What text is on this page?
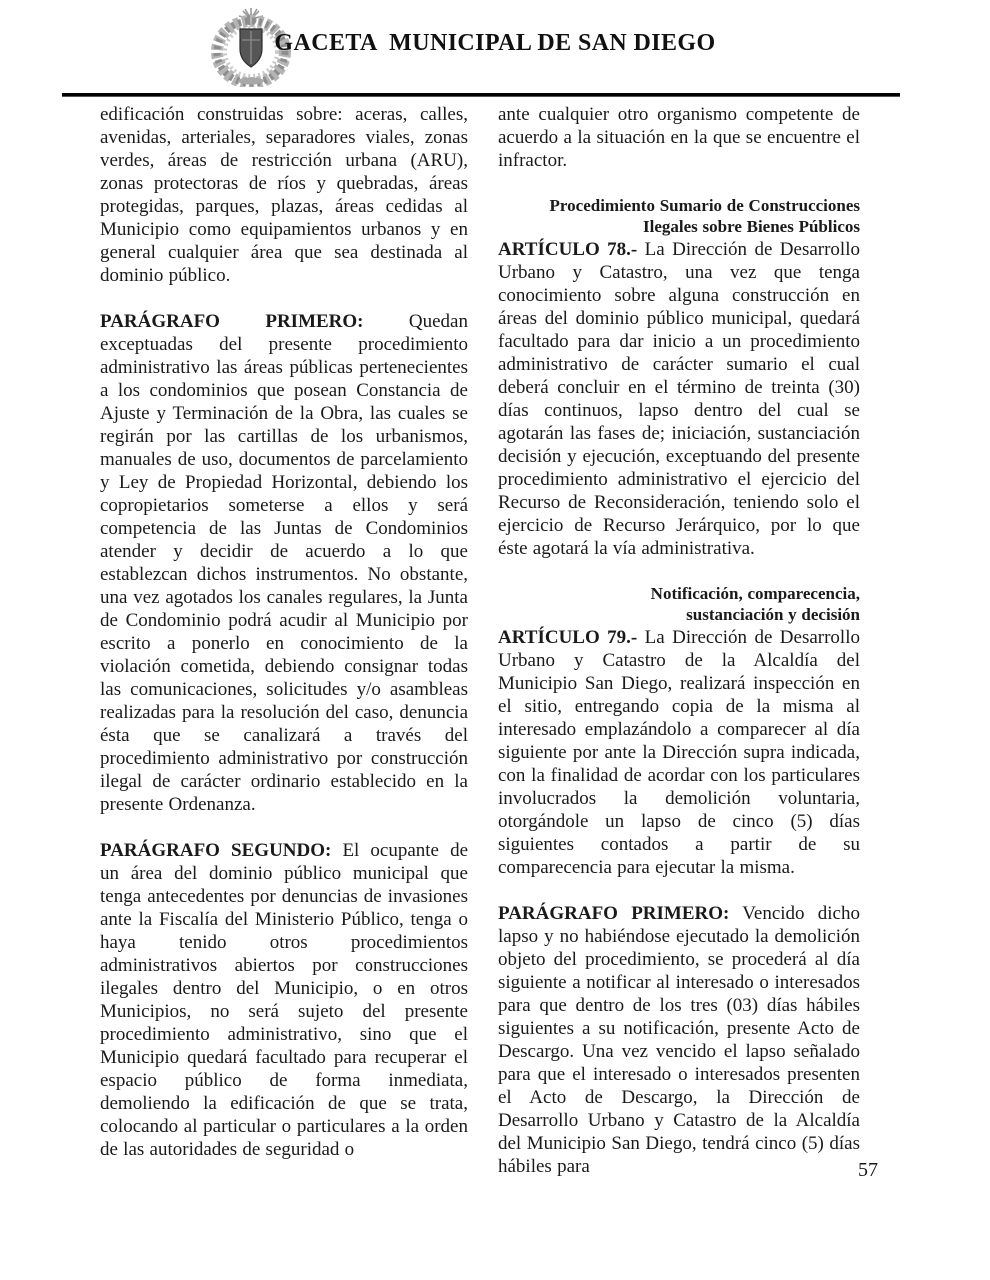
GACETA  MUNICIPAL DE SAN DIEGO

edificación construidas sobre: aceras, calles, avenidas, arteriales, separadores viales, zonas verdes, áreas de restricción urbana (ARU), zonas protectoras de ríos y quebradas, áreas protegidas, parques, plazas, áreas cedidas al Municipio como equipamientos urbanos y en general cualquier área que sea destinada al dominio público.

PARÁGRAFO PRIMERO: Quedan exceptuadas del presente procedimiento administrativo las áreas públicas pertenecientes a los condominios que posean Constancia de Ajuste y Terminación de la Obra, las cuales se regirán por las cartillas de los urbanismos, manuales de uso, documentos de parcelamiento y Ley de Propiedad Horizontal, debiendo los copropietarios someterse a ellos y será competencia de las Juntas de Condominios atender y decidir de acuerdo a lo que establezcan dichos instrumentos. No obstante, una vez agotados los canales regulares, la Junta de Condominio podrá acudir al Municipio por escrito a ponerlo en conocimiento de la violación cometida, debiendo consignar todas las comunicaciones, solicitudes y/o asambleas realizadas para la resolución del caso, denuncia ésta que se canalizará a través del procedimiento administrativo por construcción ilegal de carácter ordinario establecido en la presente Ordenanza.

PARÁGRAFO SEGUNDO: El ocupante de un área del dominio público municipal que tenga antecedentes por denuncias de invasiones ante la Fiscalía del Ministerio Público, tenga o haya tenido otros procedimientos administrativos abiertos por construcciones ilegales dentro del Municipio, o en otros Municipios, no será sujeto del presente procedimiento administrativo, sino que el Municipio quedará facultado para recuperar el espacio público de forma inmediata, demoliendo la edificación de que se trata, colocando al particular o particulares a la orden de las autoridades de seguridad o

ante cualquier otro organismo competente de acuerdo a la situación en la que se encuentre el infractor.

Procedimiento Sumario de Construcciones
Ilegales sobre Bienes Públicos

ARTÍCULO 78.- La Dirección de Desarrollo Urbano y Catastro, una vez que tenga conocimiento sobre alguna construcción en áreas del dominio público municipal, quedará facultado para dar inicio a un procedimiento administrativo de carácter sumario el cual deberá concluir en el término de treinta (30) días continuos, lapso dentro del cual se agotarán las fases de; iniciación, sustanciación decisión y ejecución, exceptuando del presente procedimiento administrativo el ejercicio del Recurso de Reconsideración, teniendo solo el ejercicio de Recurso Jerárquico, por lo que éste agotará la vía administrativa.

Notificación, comparecencia,
sustanciación y decisión

ARTÍCULO 79.- La Dirección de Desarrollo Urbano y Catastro de la Alcaldía del Municipio San Diego, realizará inspección en el sitio, entregando copia de la misma al interesado emplazándolo a comparecer al día siguiente por ante la Dirección supra indicada, con la finalidad de acordar con los particulares involucrados la demolición voluntaria, otorgándole un lapso de cinco (5) días siguientes contados a partir de su comparecencia para ejecutar la misma.

PARÁGRAFO PRIMERO: Vencido dicho lapso y no habiéndose ejecutado la demolición objeto del procedimiento, se procederá al día siguiente a notificar al interesado o interesados para que dentro de los tres (03) días hábiles siguientes a su notificación, presente Acto de Descargo. Una vez vencido el lapso señalado para que el interesado o interesados presenten el Acto de Descargo, la Dirección de Desarrollo Urbano y Catastro de la Alcaldía del Municipio San Diego, tendrá cinco (5) días hábiles para	57
